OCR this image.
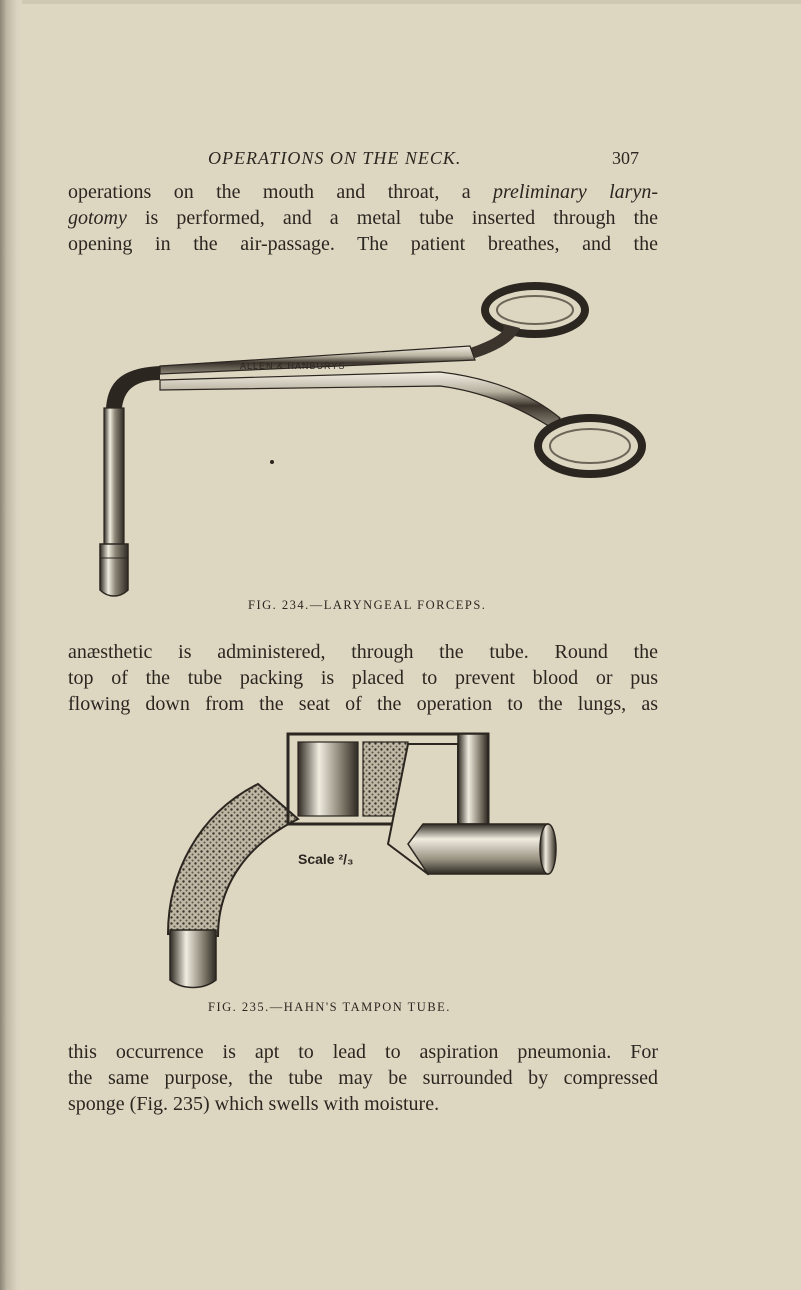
OPERATIONS ON THE NECK.	307

operations on the mouth and throat, a preliminary laryn-

gotomy is performed, and a metal tube inserted through the

opening in the air-passage. The patient breathes, and the

ALLEN & HANBURYS
FIG. 234.—LARYNGEAL FORCEPS.

anæsthetic is administered, through the tube. Round the

top of the tube packing is placed to prevent blood or pus

flowing down from the seat of the operation to the lungs, as

Scale ²/₃
FIG. 235.—HAHN'S TAMPON TUBE.

this occurrence is apt to lead to aspiration pneumonia. For

the same purpose, the tube may be surrounded by compressed

sponge (Fig. 235) which swells with moisture.
